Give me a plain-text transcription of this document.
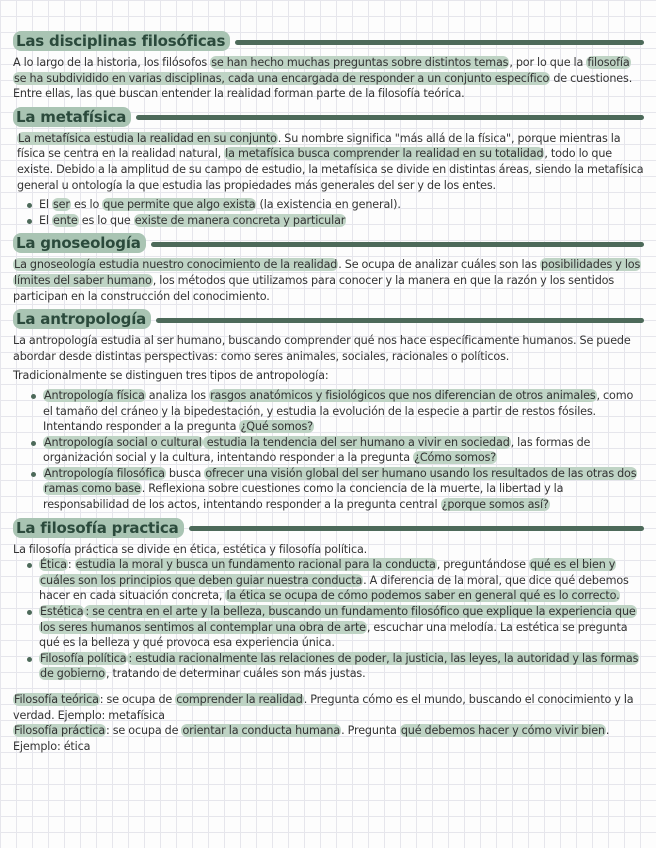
Las disciplinas filosóficas

A lo largo de la historia, los filósofos se han hecho muchas preguntas sobre distintos temas, por lo que la filosofía se ha subdividido en varias disciplinas, cada una encargada de responder a un conjunto específico de cuestiones. Entre ellas, las que buscan entender la realidad forman parte de la filosofía teórica.

La metafísica

La metafísica estudia la realidad en su conjunto. Su nombre significa "más allá de la física", porque mientras la física se centra en la realidad natural, la metafísica busca comprender la realidad en su totalidad, todo lo que existe. Debido a la amplitud de su campo de estudio, la metafísica se divide en distintas áreas, siendo la metafísica general u ontología la que estudia las propiedades más generales del ser y de los entes.

El ser es lo que permite que algo exista (la existencia en general).
El ente es lo que existe de manera concreta y particular
La gnoseología

La gnoseología estudia nuestro conocimiento de la realidad. Se ocupa de analizar cuáles son las posibilidades y los límites del saber humano, los métodos que utilizamos para conocer y la manera en que la razón y los sentidos participan en la construcción del conocimiento.

La antropología

La antropología estudia al ser humano, buscando comprender qué nos hace específicamente humanos. Se puede abordar desde distintas perspectivas: como seres animales, sociales, racionales o políticos.

Tradicionalmente se distinguen tres tipos de antropología:

Antropología física analiza los rasgos anatómicos y fisiológicos que nos diferencian de otros animales, como el tamaño del cráneo y la bipedestación, y estudia la evolución de la especie a partir de restos fósiles. Intentando responder a la pregunta ¿Qué somos?
Antropología social o cultural estudia la tendencia del ser humano a vivir en sociedad, las formas de organización social y la cultura, intentando responder a la pregunta ¿Cómo somos?
Antropología filosófica busca ofrecer una visión global del ser humano usando los resultados de las otras dos ramas como base. Reflexiona sobre cuestiones como la conciencia de la muerte, la libertad y la responsabilidad de los actos, intentando responder a la pregunta central ¿porque somos así?
La filosofía practica

La filosofía práctica se divide en ética, estética y filosofía política.

Ética: estudia la moral y busca un fundamento racional para la conducta, preguntándose qué es el bien y cuáles son los principios que deben guiar nuestra conducta. A diferencia de la moral, que dice qué debemos hacer en cada situación concreta, la ética se ocupa de cómo podemos saber en general qué es lo correcto.
Estética : se centra en el arte y la belleza, buscando un fundamento filosófico que explique la experiencia que los seres humanos sentimos al contemplar una obra de arte, escuchar una melodía. La estética se pregunta qué es la belleza y qué provoca esa experiencia única.
Filosofía política : estudia racionalmente las relaciones de poder, la justicia, las leyes, la autoridad y las formas de gobierno, tratando de determinar cuáles son más justas.

Filosofía teórica: se ocupa de comprender la realidad. Pregunta cómo es el mundo, buscando el conocimiento y la verdad. Ejemplo: metafísica

Filosofía práctica: se ocupa de orientar la conducta humana. Pregunta qué debemos hacer y cómo vivir bien. Ejemplo: ética
